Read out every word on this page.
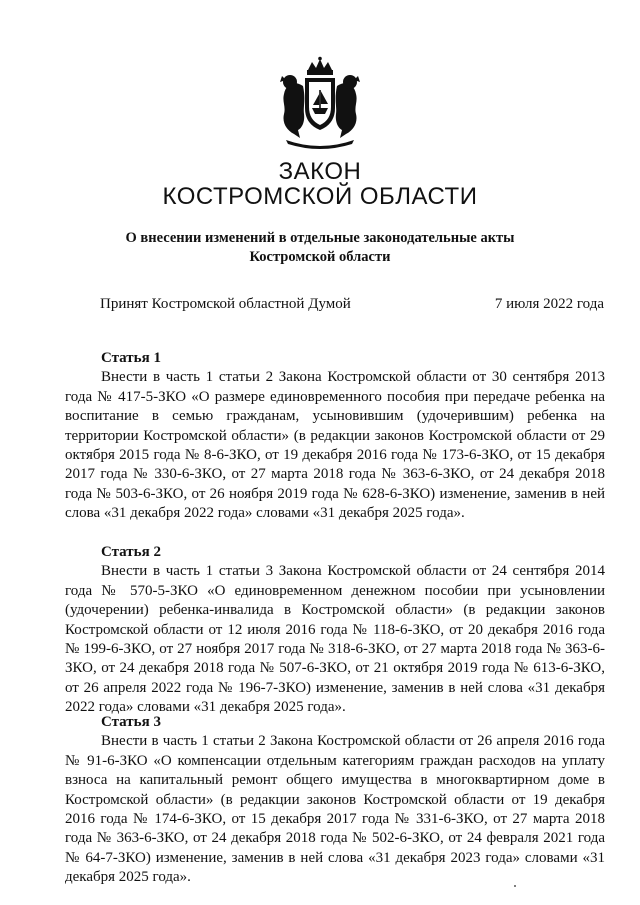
ЗАКОН
КОСТРОМСКОЙ ОБЛАСТИ
О внесении изменений в отдельные законодательные акты
Костромской области
Принят Костромской областной Думой	7 июля 2022 года
Статья 1
Внести в часть 1 статьи 2 Закона Костромской области от 30 сентября 2013 года № 417-5-ЗКО «О размере единовременного пособия при передаче ребенка на воспитание в семью гражданам, усыновившим (удочерившим) ребенка на территории Костромской области» (в редакции законов Костромской области от 29 октября 2015 года № 8-6-ЗКО, от 19 декабря 2016 года № 173-6-ЗКО, от 15 декабря 2017 года № 330-6-ЗКО, от 27 марта 2018 года № 363-6-ЗКО, от 24 декабря 2018 года № 503-6-ЗКО, от 26 ноября 2019 года № 628-6-ЗКО) изменение, заменив в ней слова «31 декабря 2022 года» словами «31 декабря 2025 года».
Статья 2
Внести в часть 1 статьи 3 Закона Костромской области от 24 сентября 2014 года № 570-5-ЗКО «О единовременном денежном пособии при усыновлении (удочерении) ребенка-инвалида в Костромской области» (в редакции законов Костромской области от 12 июля 2016 года № 118-6-ЗКО, от 20 декабря 2016 года № 199-6-ЗКО, от 27 ноября 2017 года № 318-6-ЗКО, от 27 марта 2018 года № 363-6-ЗКО, от 24 декабря 2018 года № 507-6-ЗКО, от 21 октября 2019 года № 613-6-ЗКО, от 26 апреля 2022 года № 196-7-ЗКО) изменение, заменив в ней слова «31 декабря 2022 года» словами «31 декабря 2025 года».
Статья 3
Внести в часть 1 статьи 2 Закона Костромской области от 26 апреля 2016 года № 91-6-ЗКО «О компенсации отдельным категориям граждан расходов на уплату взноса на капитальный ремонт общего имущества в многоквартирном доме в Костромской области» (в редакции законов Костромской области от 19 декабря 2016 года № 174-6-ЗКО, от 15 декабря 2017 года № 331-6-ЗКО, от 27 марта 2018 года № 363-6-ЗКО, от 24 декабря 2018 года № 502-6-ЗКО, от 24 февраля 2021 года № 64-7-ЗКО) изменение, заменив в ней слова «31 декабря 2023 года» словами «31 декабря 2025 года».
